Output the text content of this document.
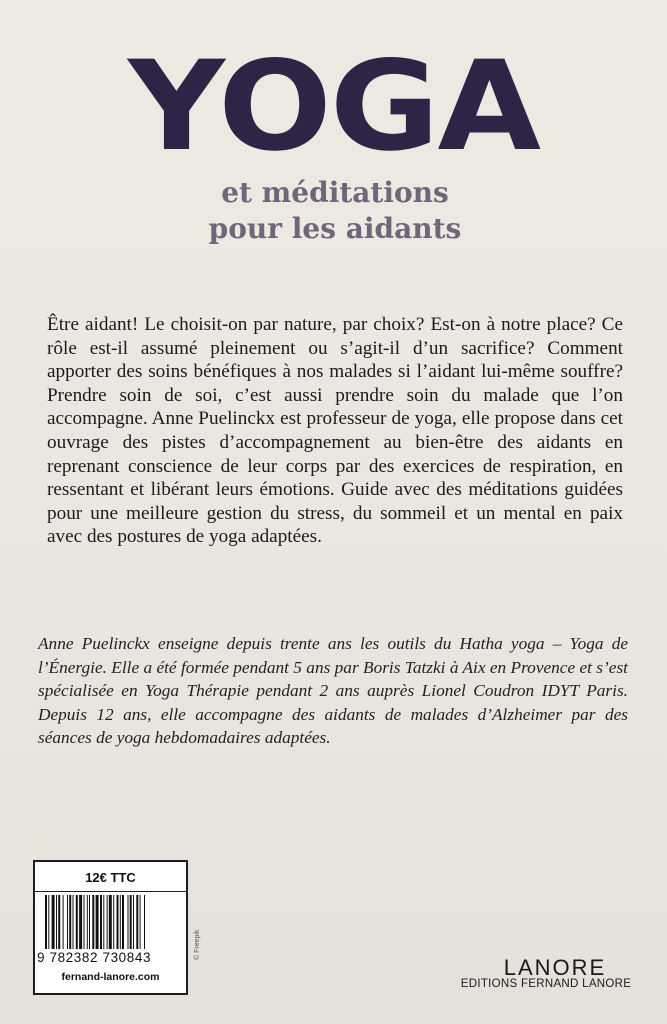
YOGA
et méditations
pour les aidants

Être aidant! Le choisit-on par nature, par choix? Est-on à notre place? Ce rôle est-il assumé pleinement ou s’agit-il d’un sacrifice? Comment apporter des soins bénéfiques à nos malades si l’aidant lui-même souffre? Prendre soin de soi, c’est aussi prendre soin du malade que l’on accompagne. Anne Puelinckx est professeur de yoga, elle propose dans cet ouvrage des pistes d’accompagnement au bien-être des aidants en reprenant conscience de leur corps par des exercices de respiration, en ressentant et libérant leurs émotions. Guide avec des méditations guidées pour une meilleure gestion du stress, du sommeil et un mental en paix avec des postures de yoga adaptées.

Anne Puelinckx enseigne depuis trente ans les outils du Hatha yoga – Yoga de l’Énergie. Elle a été formée pendant 5 ans par Boris Tatzki à Aix en Provence et s’est spécialisée en Yoga Thérapie pendant 2 ans auprès Lionel Coudron IDYT Paris. Depuis 12 ans, elle accompagne des aidants de malades d’Alzheimer par des séances de yoga hebdomadaires adaptées.

12€ TTC
9 782382 730843
fernand-lanore.com
© Freepik
LANORE
EDITIONS FERNAND LANORE
